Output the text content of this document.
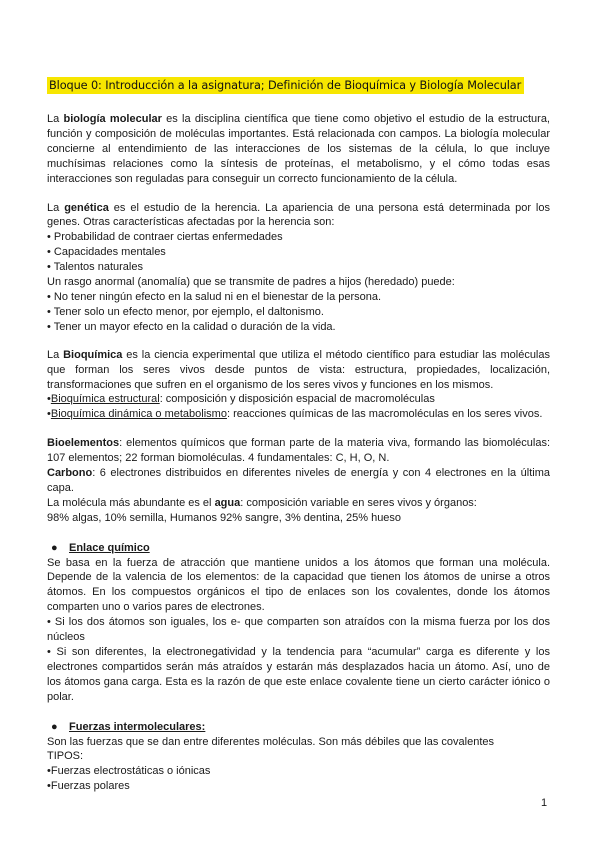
Bloque 0: Introducción a la asignatura; Definición de Bioquímica y Biología Molecular

La biología molecular es la disciplina científica que tiene como objetivo el estudio de la estructura, función y composición de moléculas importantes. Está relacionada con campos. La biología molecular concierne al entendimiento de las interacciones de los sistemas de la célula, lo que incluye muchísimas relaciones como la síntesis de proteínas, el metabolismo, y el cómo todas esas interacciones son reguladas para conseguir un correcto funcionamiento de la célula.

La genética es el estudio de la herencia. La apariencia de una persona está determinada por los genes. Otras características afectadas por la herencia son:

• Probabilidad de contraer ciertas enfermedades

• Capacidades mentales

• Talentos naturales

Un rasgo anormal (anomalía) que se transmite de padres a hijos (heredado) puede:

• No tener ningún efecto en la salud ni en el bienestar de la persona.

• Tener solo un efecto menor, por ejemplo, el daltonismo.

• Tener un mayor efecto en la calidad o duración de la vida.

La Bioquímica es la ciencia experimental que utiliza el método científico para estudiar las moléculas que forman los seres vivos desde puntos de vista: estructura, propiedades, localización, transformaciones que sufren en el organismo de los seres vivos y funciones en los mismos.

•Bioquímica estructural: composición y disposición espacial de macromoléculas

•Bioquímica dinámica o metabolismo: reacciones químicas de las macromoléculas en los seres vivos.

Bioelementos: elementos químicos que forman parte de la materia viva, formando las biomoléculas: 107 elementos; 22 forman biomoléculas. 4 fundamentales: C, H, O, N.

Carbono: 6 electrones distribuidos en diferentes niveles de energía y con 4 electrones en la última capa.

La molécula más abundante es el agua: composición variable en seres vivos y órganos:

98% algas, 10% semilla, Humanos 92% sangre, 3% dentina, 25% hueso

● Enlace químico

Se basa en la fuerza de atracción que mantiene unidos a los átomos que forman una molécula. Depende de la valencia de los elementos: de la capacidad que tienen los átomos de unirse a otros átomos. En los compuestos orgánicos el tipo de enlaces son los covalentes, donde los átomos comparten uno o varios pares de electrones.

• Si los dos átomos son iguales, los e- que comparten son atraídos con la misma fuerza por los dos núcleos

• Si son diferentes, la electronegatividad y la tendencia para “acumular” carga es diferente y los electrones compartidos serán más atraídos y estarán más desplazados hacia un átomo. Así, uno de los átomos gana carga. Esta es la razón de que este enlace covalente tiene un cierto carácter iónico o polar.

● Fuerzas intermoleculares:

Son las fuerzas que se dan entre diferentes moléculas. Son más débiles que las covalentes

TIPOS:

•Fuerzas electrostáticas o iónicas

•Fuerzas polares

1
